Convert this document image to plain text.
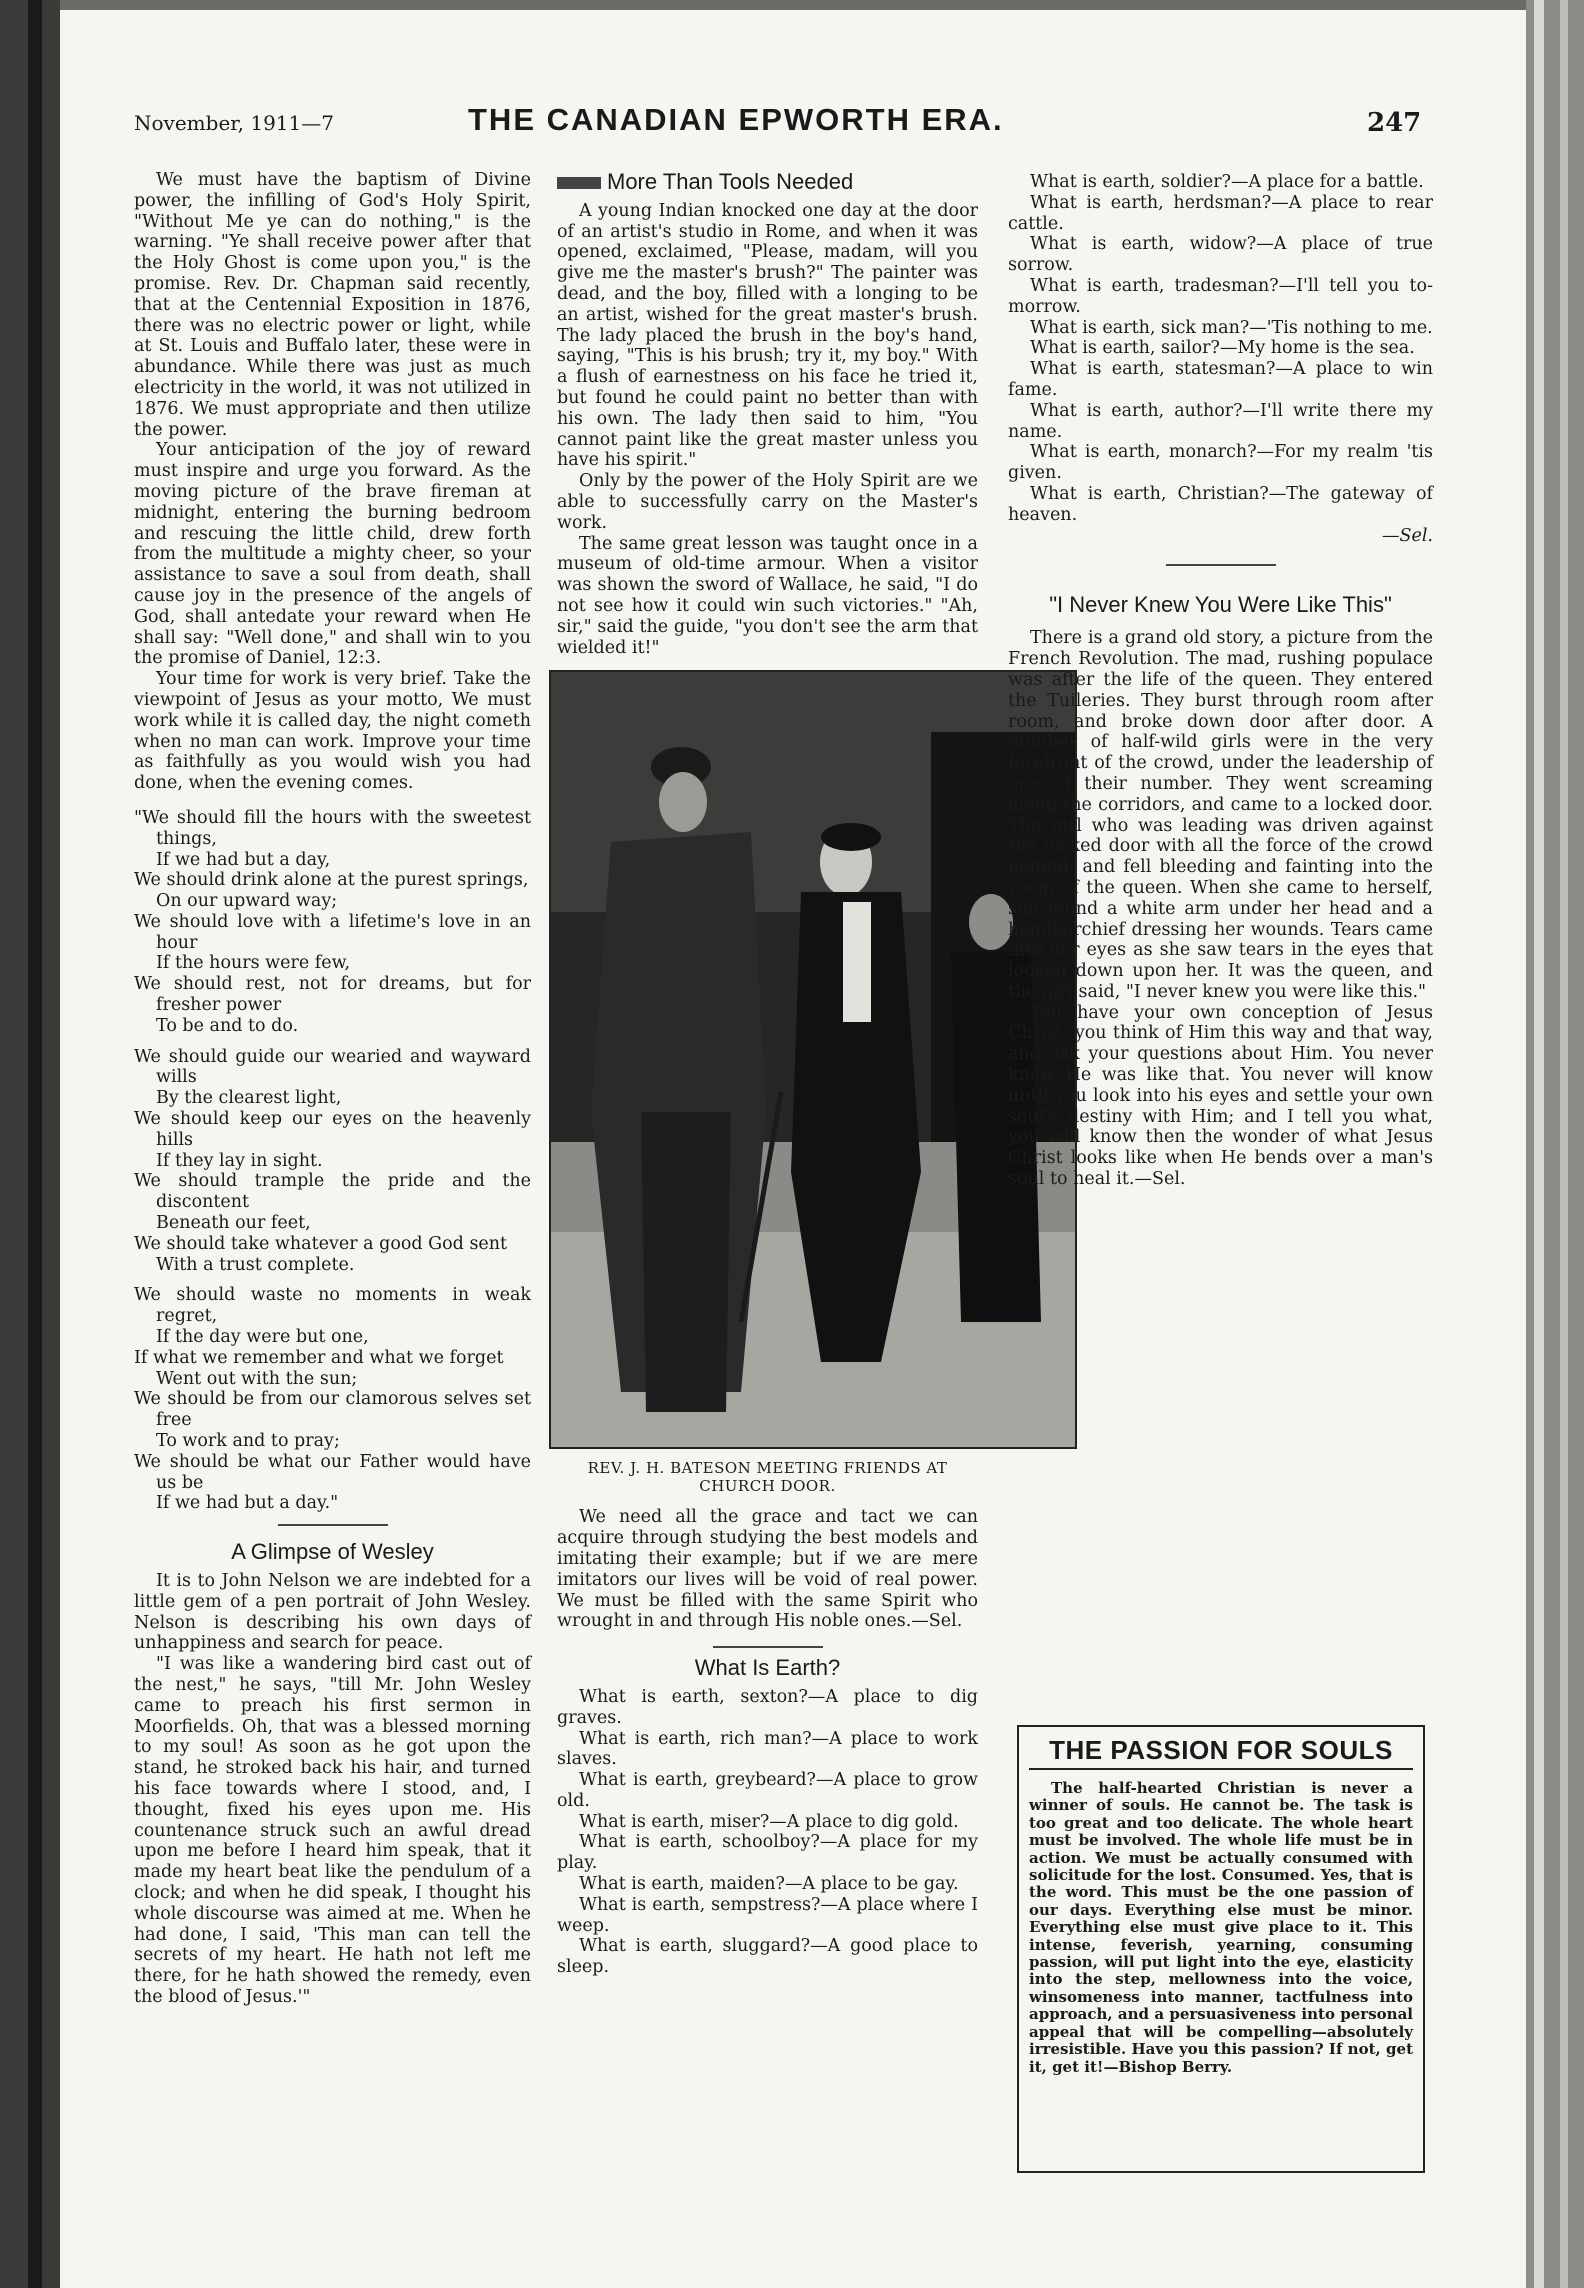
November, 1911—7	THE CANADIAN EPWORTH ERA.	247

We must have the baptism of Divine power, the infilling of God's Holy Spirit, "Without Me ye can do nothing," is the warning. "Ye shall receive power after that the Holy Ghost is come upon you," is the promise. Rev. Dr. Chapman said recently, that at the Centennial Exposition in 1876, there was no electric power or light, while at St. Louis and Buffalo later, these were in abundance. While there was just as much electricity in the world, it was not utilized in 1876. We must appropriate and then utilize the power.

Your anticipation of the joy of reward must inspire and urge you forward. As the moving picture of the brave fireman at midnight, entering the burning bedroom and rescuing the little child, drew forth from the multitude a mighty cheer, so your assistance to save a soul from death, shall cause joy in the presence of the angels of God, shall antedate your reward when He shall say: "Well done," and shall win to you the promise of Daniel, 12:3.

Your time for work is very brief. Take the viewpoint of Jesus as your motto, We must work while it is called day, the night cometh when no man can work. Improve your time as faithfully as you would wish you had done, when the evening comes.

"We should fill the hours with the sweetest things,
If we had but a day,
We should drink alone at the purest springs,
On our upward way;
We should love with a lifetime's love in an hour
If the hours were few,
We should rest, not for dreams, but for fresher power
To be and to do.
We should guide our wearied and wayward wills
By the clearest light,
We should keep our eyes on the heavenly hills
If they lay in sight.
We should trample the pride and the discontent
Beneath our feet,
We should take whatever a good God sent
With a trust complete.
We should waste no moments in weak regret,
If the day were but one,
If what we remember and what we forget
Went out with the sun;
We should be from our clamorous selves set free
To work and to pray;
We should be what our Father would have us be
If we had but a day."
A Glimpse of Wesley

It is to John Nelson we are indebted for a little gem of a pen portrait of John Wesley. Nelson is describing his own days of unhappiness and search for peace.

"I was like a wandering bird cast out of the nest," he says, "till Mr. John Wesley came to preach his first sermon in Moorfields. Oh, that was a blessed morning to my soul! As soon as he got upon the stand, he stroked back his hair, and turned his face towards where I stood, and, I thought, fixed his eyes upon me. His countenance struck such an awful dread upon me before I heard him speak, that it made my heart beat like the pendulum of a clock; and when he did speak, I thought his whole discourse was aimed at me. When he had done, I said, 'This man can tell the secrets of my heart. He hath not left me there, for he hath showed the remedy, even the blood of Jesus.'"

More Than Tools Needed

A young Indian knocked one day at the door of an artist's studio in Rome, and when it was opened, exclaimed, "Please, madam, will you give me the master's brush?" The painter was dead, and the boy, filled with a longing to be an artist, wished for the great master's brush. The lady placed the brush in the boy's hand, saying, "This is his brush; try it, my boy." With a flush of earnestness on his face he tried it, but found he could paint no better than with his own. The lady then said to him, "You cannot paint like the great master unless you have his spirit."

Only by the power of the Holy Spirit are we able to successfully carry on the Master's work.

The same great lesson was taught once in a museum of old-time armour. When a visitor was shown the sword of Wallace, he said, "I do not see how it could win such victories." "Ah, sir," said the guide, "you don't see the arm that wielded it!"

REV. J. H. BATESON MEETING FRIENDS AT CHURCH DOOR.

We need all the grace and tact we can acquire through studying the best models and imitating their example; but if we are mere imitators our lives will be void of real power. We must be filled with the same Spirit who wrought in and through His noble ones.—Sel.

What Is Earth?

What is earth, sexton?—A place to dig graves.

What is earth, rich man?—A place to work slaves.

What is earth, greybeard?—A place to grow old.

What is earth, miser?—A place to dig gold.

What is earth, schoolboy?—A place for my play.

What is earth, maiden?—A place to be gay.

What is earth, sempstress?—A place where I weep.

What is earth, sluggard?—A good place to sleep.

What is earth, soldier?—A place for a battle.

What is earth, herdsman?—A place to rear cattle.

What is earth, widow?—A place of true sorrow.

What is earth, tradesman?—I'll tell you to-morrow.

What is earth, sick man?—'Tis nothing to me.

What is earth, sailor?—My home is the sea.

What is earth, statesman?—A place to win fame.

What is earth, author?—I'll write there my name.

What is earth, monarch?—For my realm 'tis given.

What is earth, Christian?—The gateway of heaven.

—Sel.
"I Never Knew You Were Like This"

There is a grand old story, a picture from the French Revolution. The mad, rushing populace was after the life of the queen. They entered the Tuileries. They burst through room after room, and broke down door after door. A number of half-wild girls were in the very forefront of the crowd, under the leadership of one of their number. They went screaming along the corridors, and came to a locked door. The girl who was leading was driven against the locked door with all the force of the crowd behind, and fell bleeding and fainting into the room of the queen. When she came to herself, she found a white arm under her head and a handkerchief dressing her wounds. Tears came into her eyes as she saw tears in the eyes that looked down upon her. It was the queen, and the girl said, "I never knew you were like this."

You have your own conception of Jesus Christ; you think of Him this way and that way, and ask your questions about Him. You never knew He was like that. You never will know until you look into his eyes and settle your own soul's destiny with Him; and I tell you what, you will know then the wonder of what Jesus Christ looks like when He bends over a man's soul to heal it.—Sel.

THE PASSION FOR SOULS

The half-hearted Christian is never a winner of souls. He cannot be. The task is too great and too delicate. The whole heart must be involved. The whole life must be in action. We must be actually consumed with solicitude for the lost. Consumed. Yes, that is the word. This must be the one passion of our days. Everything else must be minor. Everything else must give place to it. This intense, feverish, yearning, consuming passion, will put light into the eye, elasticity into the step, mellowness into the voice, winsomeness into manner, tactfulness into approach, and a persuasiveness into personal appeal that will be compelling—absolutely irresistible. Have you this passion? If not, get it, get it!—Bishop Berry.
